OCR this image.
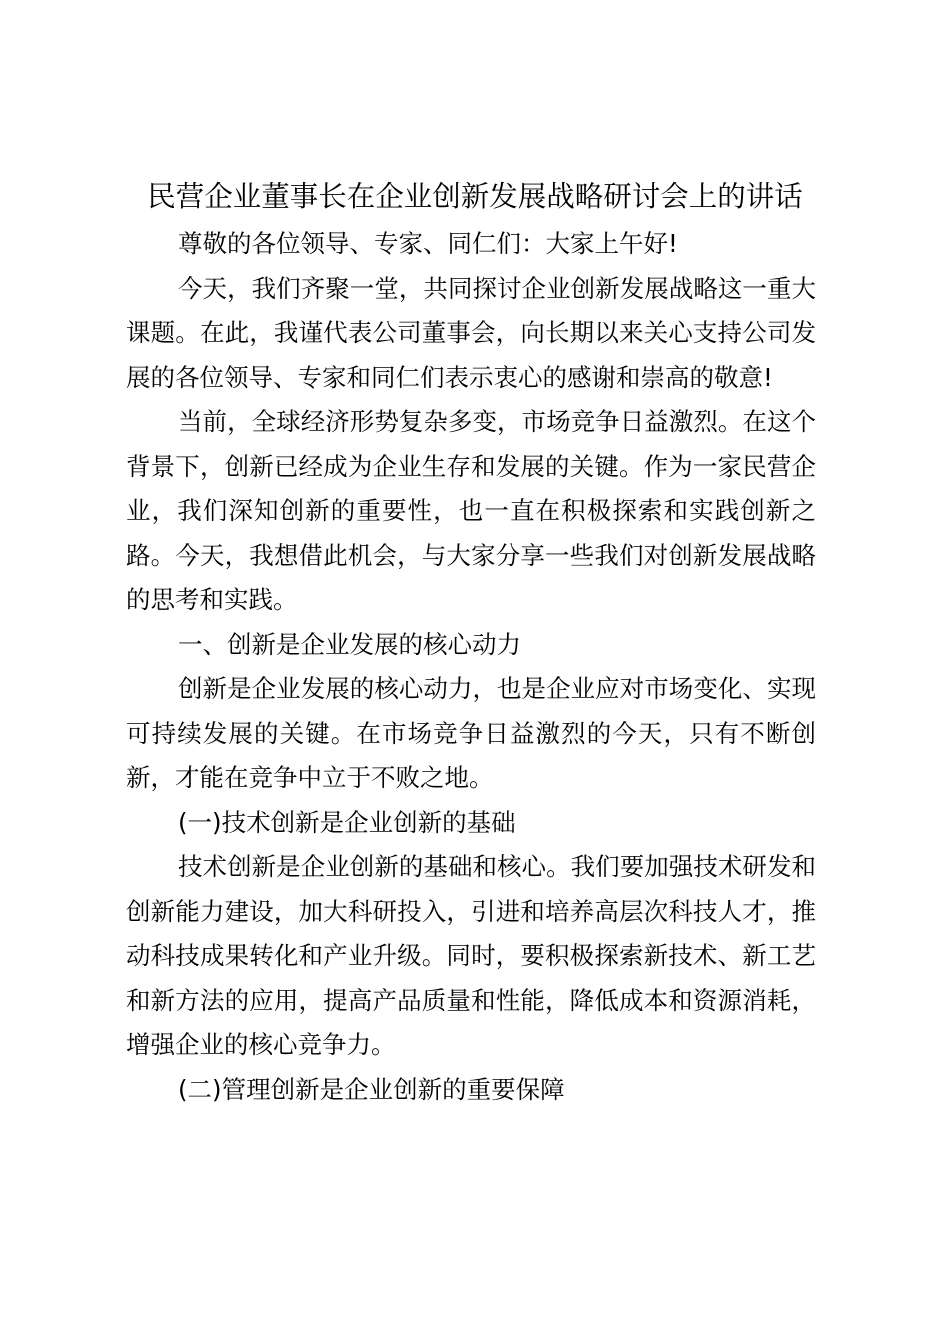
民营企业董事长在企业创新发展战略研讨会上的讲话

尊敬的各位领导、专家、同仁们：大家上午好!

今天，我们齐聚一堂，共同探讨企业创新发展战略这一重大课题。在此，我谨代表公司董事会，向长期以来关心支持公司发展的各位领导、专家和同仁们表示衷心的感谢和崇高的敬意!

当前，全球经济形势复杂多变，市场竞争日益激烈。在这个背景下，创新已经成为企业生存和发展的关键。作为一家民营企业，我们深知创新的重要性，也一直在积极探索和实践创新之路。今天，我想借此机会，与大家分享一些我们对创新发展战略的思考和实践。

一、创新是企业发展的核心动力

创新是企业发展的核心动力，也是企业应对市场变化、实现可持续发展的关键。在市场竞争日益激烈的今天，只有不断创新，才能在竞争中立于不败之地。

(一)技术创新是企业创新的基础

技术创新是企业创新的基础和核心。我们要加强技术研发和创新能力建设，加大科研投入，引进和培养高层次科技人才，推动科技成果转化和产业升级。同时，要积极探索新技术、新工艺和新方法的应用，提高产品质量和性能，降低成本和资源消耗，增强企业的核心竞争力。

(二)管理创新是企业创新的重要保障
